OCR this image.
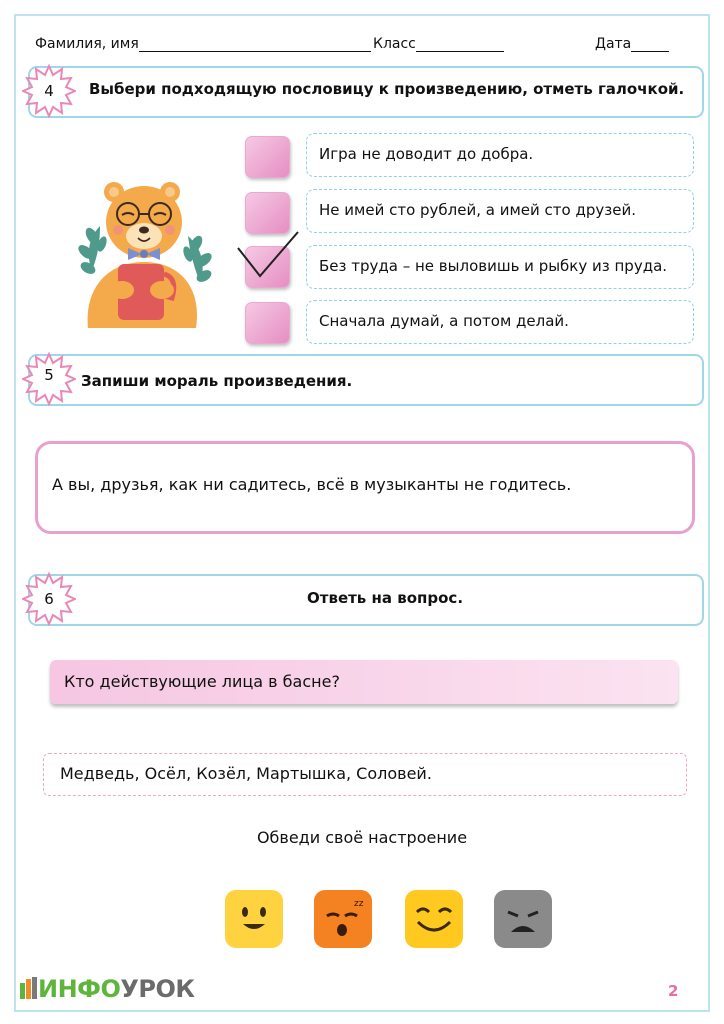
Фамилия, имя	Класс	Дата
4	Выбери подходящую пословицу к произведению, отметь галочкой.
Игра не доводит до добра.
Не имей сто рублей, а имей сто друзей.
Без труда – не выловишь и рыбку из пруда.
Сначала думай, а потом делай.
5	Запиши мораль произведения.
А вы, друзья, как ни садитесь, всё в музыканты не годитесь.
6	Ответь на вопрос.
Кто действующие лица в басне?
Медведь, Осёл, Козёл, Мартышка, Соловей.
Обведи своё настроение
zz
ИНФОУРОК	2
